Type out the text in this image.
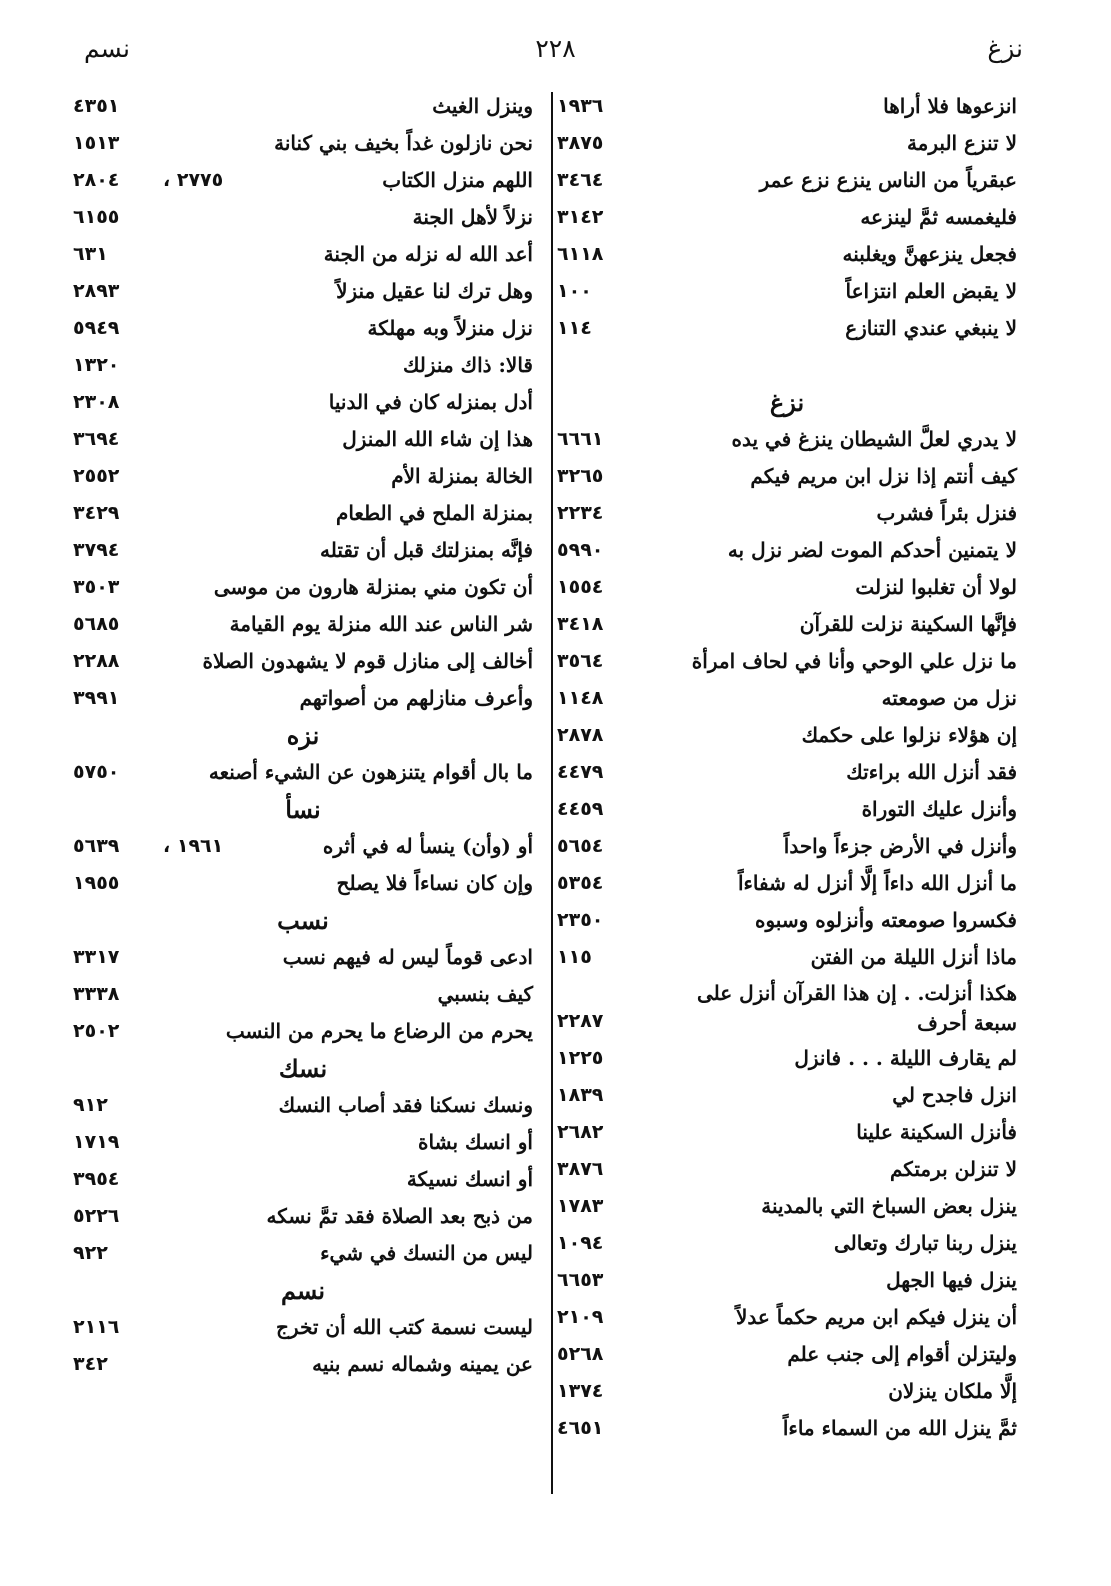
نزغ
٢٢٨
نسم
انزعوها فلا أراها
١٩٣٦
لا تنزع البرمة
٣٨٧٥
عبقرياً من الناس ينزع نزع عمر
٣٤٦٤
فليغمسه ثمَّ لينزعه
٣١٤٢
فجعل ينزعهنَّ ويغلبنه
٦١١٨
لا يقبض العلم انتزاعاً
١٠٠
لا ينبغي عندي التنازع
١١٤
نزغ
لا يدري لعلَّ الشيطان ينزغ في يده
٦٦٦١
كيف أنتم إذا نزل ابن مريم فيكم
٣٢٦٥
فنزل بئراً فشرب
٢٢٣٤
لا يتمنين أحدكم الموت لضر نزل به
٥٩٩٠
لولا أن تغلبوا لنزلت
١٥٥٤
فإنَّها السكينة نزلت للقرآن
٣٤١٨
ما نزل علي الوحي وأنا في لحاف امرأة
٣٥٦٤
نزل من صومعته
١١٤٨
إن هؤلاء نزلوا على حكمك
٢٨٧٨
فقد أنزل الله براءتك
٤٤٧٩
وأنزل عليك التوراة
٤٤٥٩
وأنزل في الأرض جزءاً واحداً
٥٦٥٤
ما أنزل الله داءاً إلَّا أنزل له شفاءاً
٥٣٥٤
فكسروا صومعته وأنزلوه وسبوه
٢٣٥٠
ماذا أنزل الليلة من الفتن
١١٥
هكذا أنزلت. . إن هذا القرآن أنزل على سبعة أحرف
٢٢٨٧
لم يقارف الليلة . . . فانزل
١٢٢٥
انزل فاجدح لي
١٨٣٩
فأنزل السكينة علينا
٢٦٨٢
لا تنزلن برمتكم
٣٨٧٦
ينزل بعض السباخ التي بالمدينة
١٧٨٣
ينزل ربنا تبارك وتعالى
١٠٩٤
ينزل فيها الجهل
٦٦٥٣
أن ينزل فيكم ابن مريم حكماً عدلاً
٢١٠٩
وليتزلن أقوام إلى جنب علم
٥٢٦٨
إلَّا ملكان ينزلان
١٣٧٤
ثمَّ ينزل الله من السماء ماءاً
٤٦٥١
وينزل الغيث
٤٣٥١
نحن نازلون غداً بخيف بني كنانة
١٥١٣
اللهم منزل الكتاب
٢٧٧٥ ،
٢٨٠٤
نزلاً لأهل الجنة
٦١٥٥
أعد الله له نزله من الجنة
٦٣١
وهل ترك لنا عقيل منزلاً
٢٨٩٣
نزل منزلاً وبه مهلكة
٥٩٤٩
قالا: ذاك منزلك
١٣٢٠
أدل بمنزله كان في الدنيا
٢٣٠٨
هذا إن شاء الله المنزل
٣٦٩٤
الخالة بمنزلة الأم
٢٥٥٢
بمنزلة الملح في الطعام
٣٤٢٩
فإنَّه بمنزلتك قبل أن تقتله
٣٧٩٤
أن تكون مني بمنزلة هارون من موسى
٣٥٠٣
شر الناس عند الله منزلة يوم القيامة
٥٦٨٥
أخالف إلى منازل قوم لا يشهدون الصلاة
٢٢٨٨
وأعرف منازلهم من أصواتهم
٣٩٩١
نزه
ما بال أقوام يتنزهون عن الشيء أصنعه
٥٧٥٠
نسأ
أو (وأن) ينسأ له في أثره
١٩٦١ ،
٥٦٣٩
وإن كان نساءاً فلا يصلح
١٩٥٥
نسب
ادعى قوماً ليس له فيهم نسب
٣٣١٧
كيف بنسبي
٣٣٣٨
يحرم من الرضاع ما يحرم من النسب
٢٥٠٢
نسك
ونسك نسكنا فقد أصاب النسك
٩١٢
أو انسك بشاة
١٧١٩
أو انسك نسيكة
٣٩٥٤
من ذبح بعد الصلاة فقد تمَّ نسكه
٥٢٢٦
ليس من النسك في شيء
٩٢٢
نسم
ليست نسمة كتب الله أن تخرج
٢١١٦
عن يمينه وشماله نسم بنيه
٣٤٢
